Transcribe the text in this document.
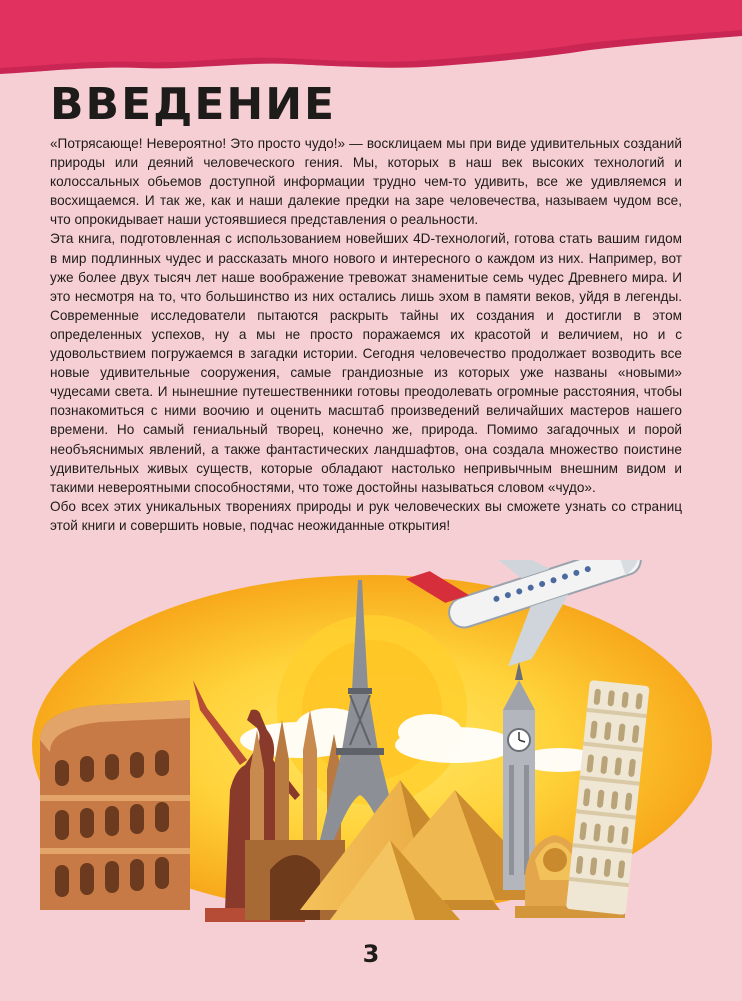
ВВЕДЕНИЕ

«Потрясающе! Невероятно! Это просто чудо!» — восклицаем мы при виде удивительных созданий природы или деяний человеческого гения. Мы, которых в наш век высоких технологий и колоссальных обьемов доступной информации трудно чем-то удивить, все же удивляемся и восхищаемся. И так же, как и наши далекие предки на заре человечества, называем чудом все, что опрокидывает наши устоявшиеся представления о реальности.

Эта книга, подготовленная с использованием новейших 4D-технологий, готова стать вашим гидом в мир подлинных чудес и рассказать много нового и интересного о каждом из них. Например, вот уже более двух тысяч лет наше воображение тревожат знаменитые семь чудес Древнего мира. И это несмотря на то, что большинство из них остались лишь эхом в памяти веков, уйдя в легенды. Современные исследователи пытаются раскрыть тайны их создания и достигли в этом определенных успехов, ну а мы не просто поражаемся их красотой и величием, но и с удовольствием погружаемся в загадки истории. Сегодня человечество продолжает возводить все новые удивительные сооружения, самые грандиозные из которых уже названы «новыми» чудесами света. И нынешние путешественники готовы преодолевать огромные расстояния, чтобы познакомиться с ними воочию и оценить масштаб произведений величайших мастеров нашего времени. Но самый гениальный творец, конечно же, природа. Помимо загадочных и порой необъяснимых явлений, а также фантастических ландшафтов, она создала множество поистине удивительных живых существ, которые обладают настолько непривычным внешним видом и такими невероятными способностями, что тоже достойны называться словом «чудо».

Обо всех этих уникальных творениях природы и рук человеческих вы сможете узнать со страниц этой книги и совершить новые, подчас неожиданные открытия!

3
